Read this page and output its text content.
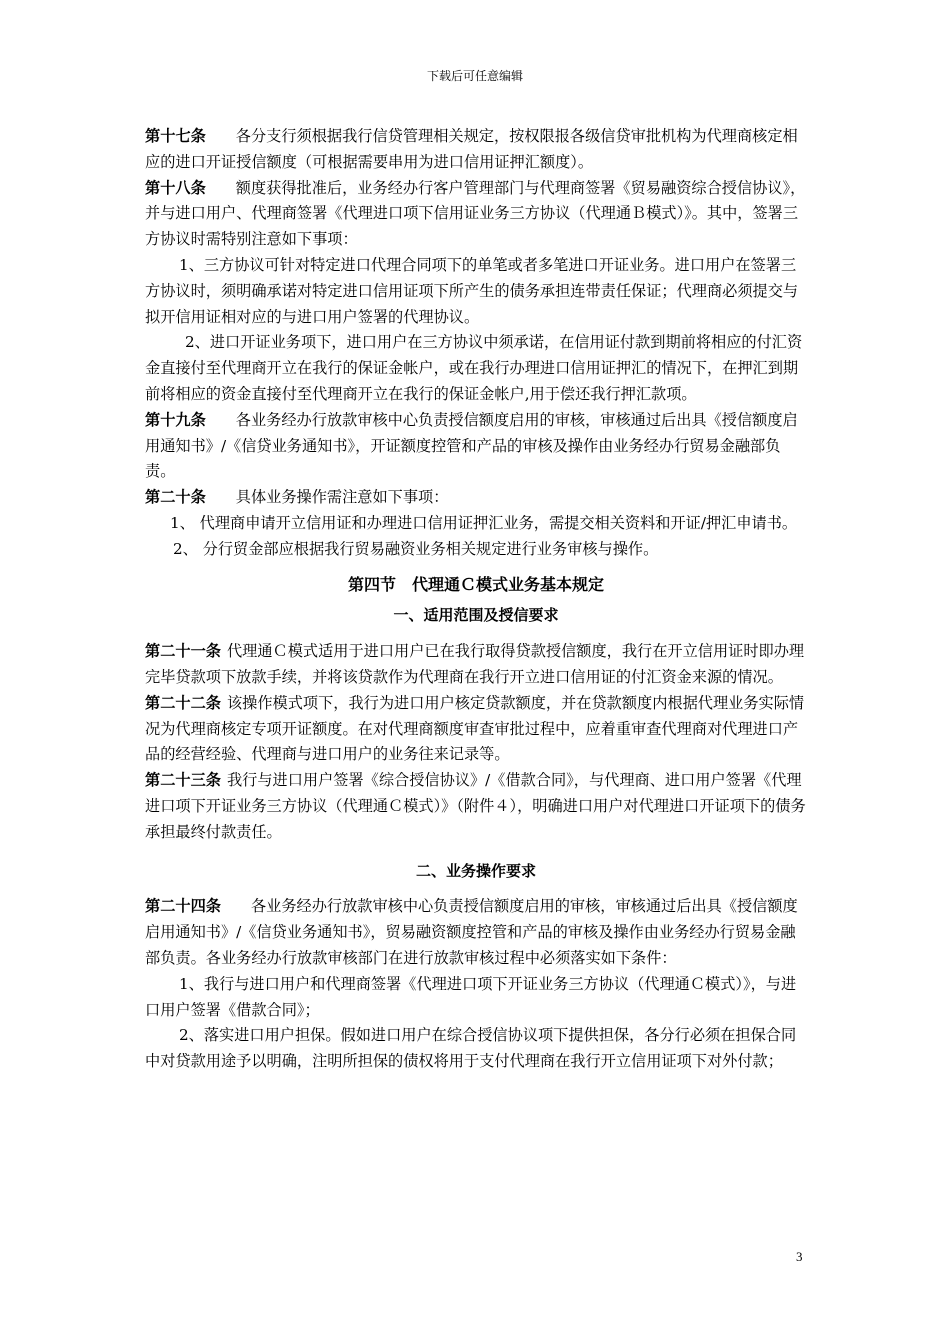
下载后可任意编辑

第十七条 各分支行须根据我行信贷管理相关规定，按权限报各级信贷审批机构为代理商核定相应的进口开证授信额度（可根据需要串用为进口信用证押汇额度）。

第十八条 额度获得批准后，业务经办行客户管理部门与代理商签署《贸易融资综合授信协议》，并与进口用户、代理商签署《代理进口项下信用证业务三方协议（代理通Ｂ模式）》。其中，签署三方协议时需特别注意如下事项：

1、三方协议可针对特定进口代理合同项下的单笔或者多笔进口开证业务。进口用户在签署三方协议时，须明确承诺对特定进口信用证项下所产生的债务承担连带责任保证；代理商必须提交与拟开信用证相对应的与进口用户签署的代理协议。

2、进口开证业务项下，进口用户在三方协议中须承诺，在信用证付款到期前将相应的付汇资金直接付至代理商开立在我行的保证金帐户，或在我行办理进口信用证押汇的情况下，在押汇到期前将相应的资金直接付至代理商开立在我行的保证金帐户,用于偿还我行押汇款项。

第十九条 各业务经办行放款审核中心负责授信额度启用的审核，审核通过后出具《授信额度启用通知书》/《信贷业务通知书》，开证额度控管和产品的审核及操作由业务经办行贸易金融部负责。

第二十条 具体业务操作需注意如下事项：

1、 代理商申请开立信用证和办理进口信用证押汇业务，需提交相关资料和开证/押汇申请书。

2、 分行贸金部应根据我行贸易融资业务相关规定进行业务审核与操作。

第四节　代理通Ｃ模式业务基本规定

一、适用范围及授信要求

第二十一条 代理通Ｃ模式适用于进口用户已在我行取得贷款授信额度，我行在开立信用证时即办理完毕贷款项下放款手续，并将该贷款作为代理商在我行开立进口信用证的付汇资金来源的情况。

第二十二条 该操作模式项下，我行为进口用户核定贷款额度，并在贷款额度内根据代理业务实际情况为代理商核定专项开证额度。在对代理商额度审查审批过程中，应着重审查代理商对代理进口产品的经营经验、代理商与进口用户的业务往来记录等。

第二十三条 我行与进口用户签署《综合授信协议》/《借款合同》，与代理商、进口用户签署《代理进口项下开证业务三方协议（代理通Ｃ模式）》（附件４），明确进口用户对代理进口开证项下的债务承担最终付款责任。

二、业务操作要求

第二十四条 各业务经办行放款审核中心负责授信额度启用的审核，审核通过后出具《授信额度启用通知书》/《信贷业务通知书》，贸易融资额度控管和产品的审核及操作由业务经办行贸易金融部负责。各业务经办行放款审核部门在进行放款审核过程中必须落实如下条件：

1、我行与进口用户和代理商签署《代理进口项下开证业务三方协议（代理通Ｃ模式）》，与进口用户签署《借款合同》；

2、落实进口用户担保。假如进口用户在综合授信协议项下提供担保，各分行必须在担保合同中对贷款用途予以明确，注明所担保的债权将用于支付代理商在我行开立信用证项下对外付款；

3
